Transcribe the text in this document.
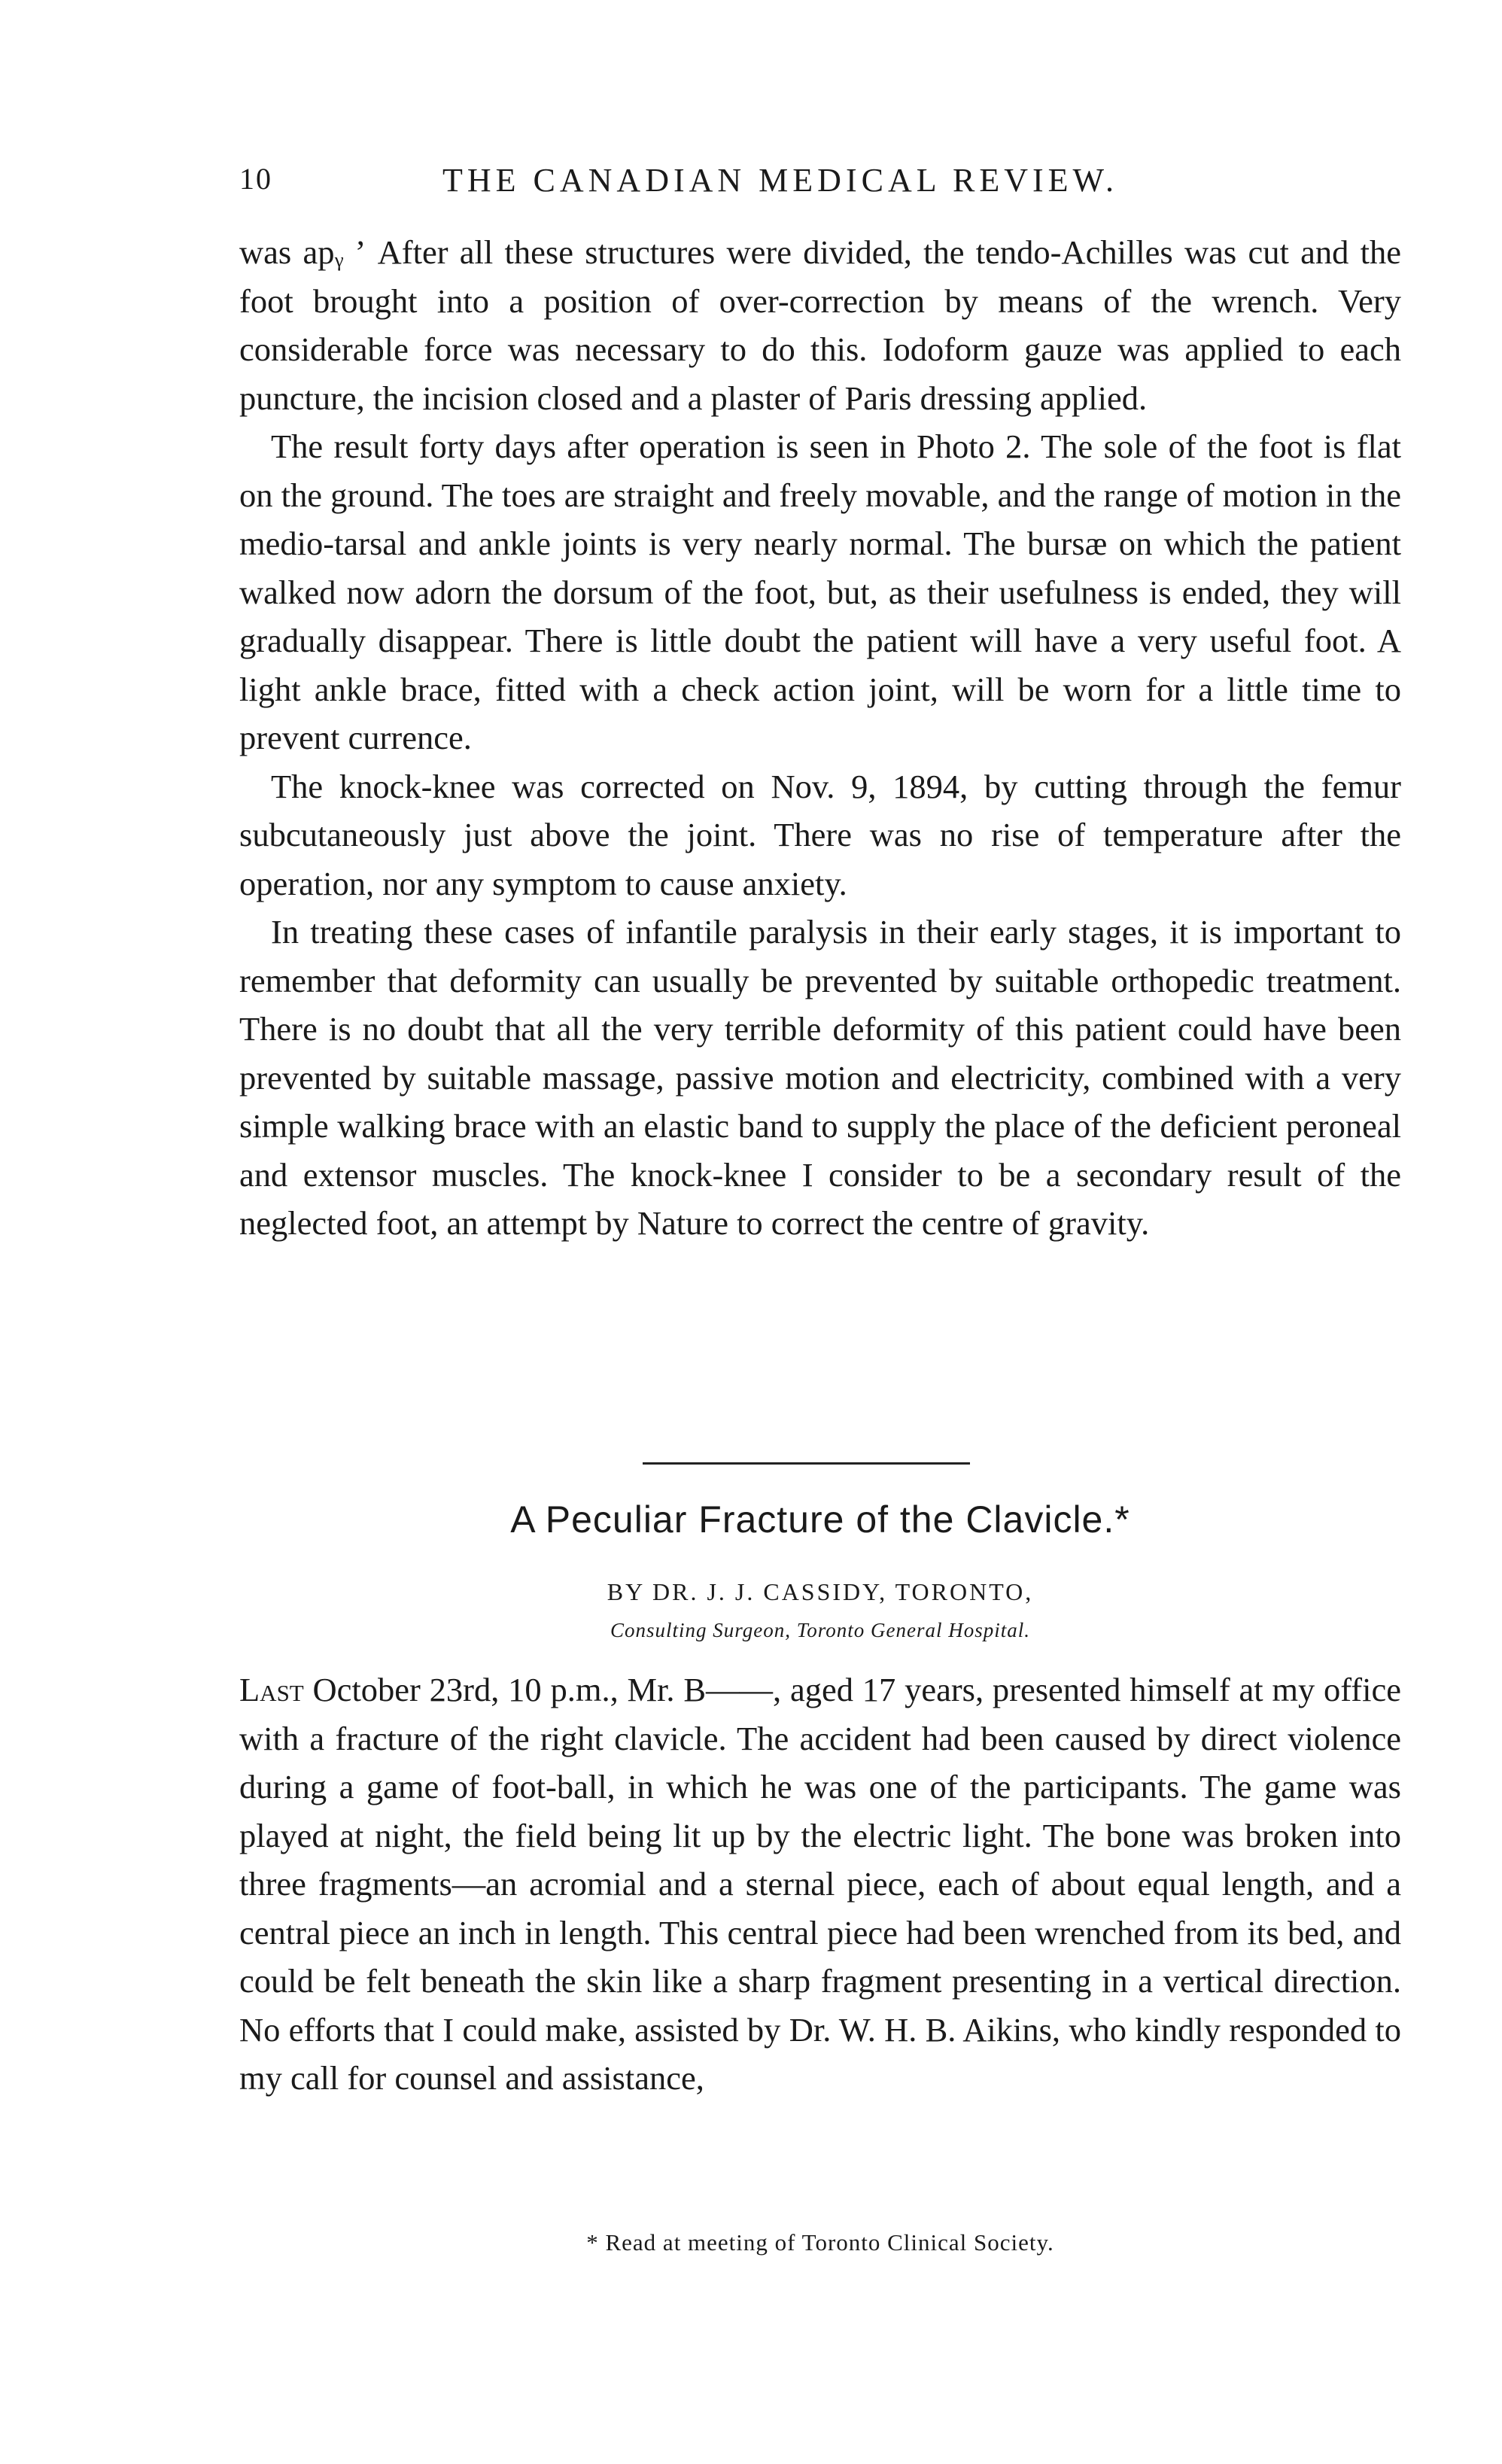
10	THE CANADIAN MEDICAL REVIEW.

was apᵧ ʼ After all these structures were divided, the tendo-Achilles was cut and the foot brought into a position of over-correction by means of the wrench. Very considerable force was necessary to do this. Iodoform gauze was applied to each puncture, the incision closed and a plaster of Paris dressing applied.

The result forty days after operation is seen in Photo 2. The sole of the foot is flat on the ground. The toes are straight and freely movable, and the range of motion in the medio-tarsal and ankle joints is very nearly normal. The bursæ on which the patient walked now adorn the dorsum of the foot, but, as their usefulness is ended, they will gradually disappear. There is little doubt the patient will have a very useful foot. A light ankle brace, fitted with a check action joint, will be worn for a little time to prevent currence.

The knock-knee was corrected on Nov. 9, 1894, by cutting through the femur subcutaneously just above the joint. There was no rise of temperature after the operation, nor any symptom to cause anxiety.

In treating these cases of infantile paralysis in their early stages, it is important to remember that deformity can usually be prevented by suitable orthopedic treatment. There is no doubt that all the very terrible deformity of this patient could have been prevented by suitable massage, passive motion and electricity, combined with a very simple walking brace with an elastic band to supply the place of the deficient peroneal and extensor muscles. The knock-knee I consider to be a secondary result of the neglected foot, an attempt by Nature to correct the centre of gravity.

A Peculiar Fracture of the Clavicle.*
BY DR. J. J. CASSIDY, TORONTO,
Consulting Surgeon, Toronto General Hospital.

Last October 23rd, 10 p.m., Mr. B——, aged 17 years, presented himself at my office with a fracture of the right clavicle. The accident had been caused by direct violence during a game of foot-ball, in which he was one of the participants. The game was played at night, the field being lit up by the electric light. The bone was broken into three fragments—an acromial and a sternal piece, each of about equal length, and a central piece an inch in length. This central piece had been wrenched from its bed, and could be felt beneath the skin like a sharp fragment presenting in a vertical direction. No efforts that I could make, assisted by Dr. W. H. B. Aikins, who kindly responded to my call for counsel and assistance,

* Read at meeting of Toronto Clinical Society.
